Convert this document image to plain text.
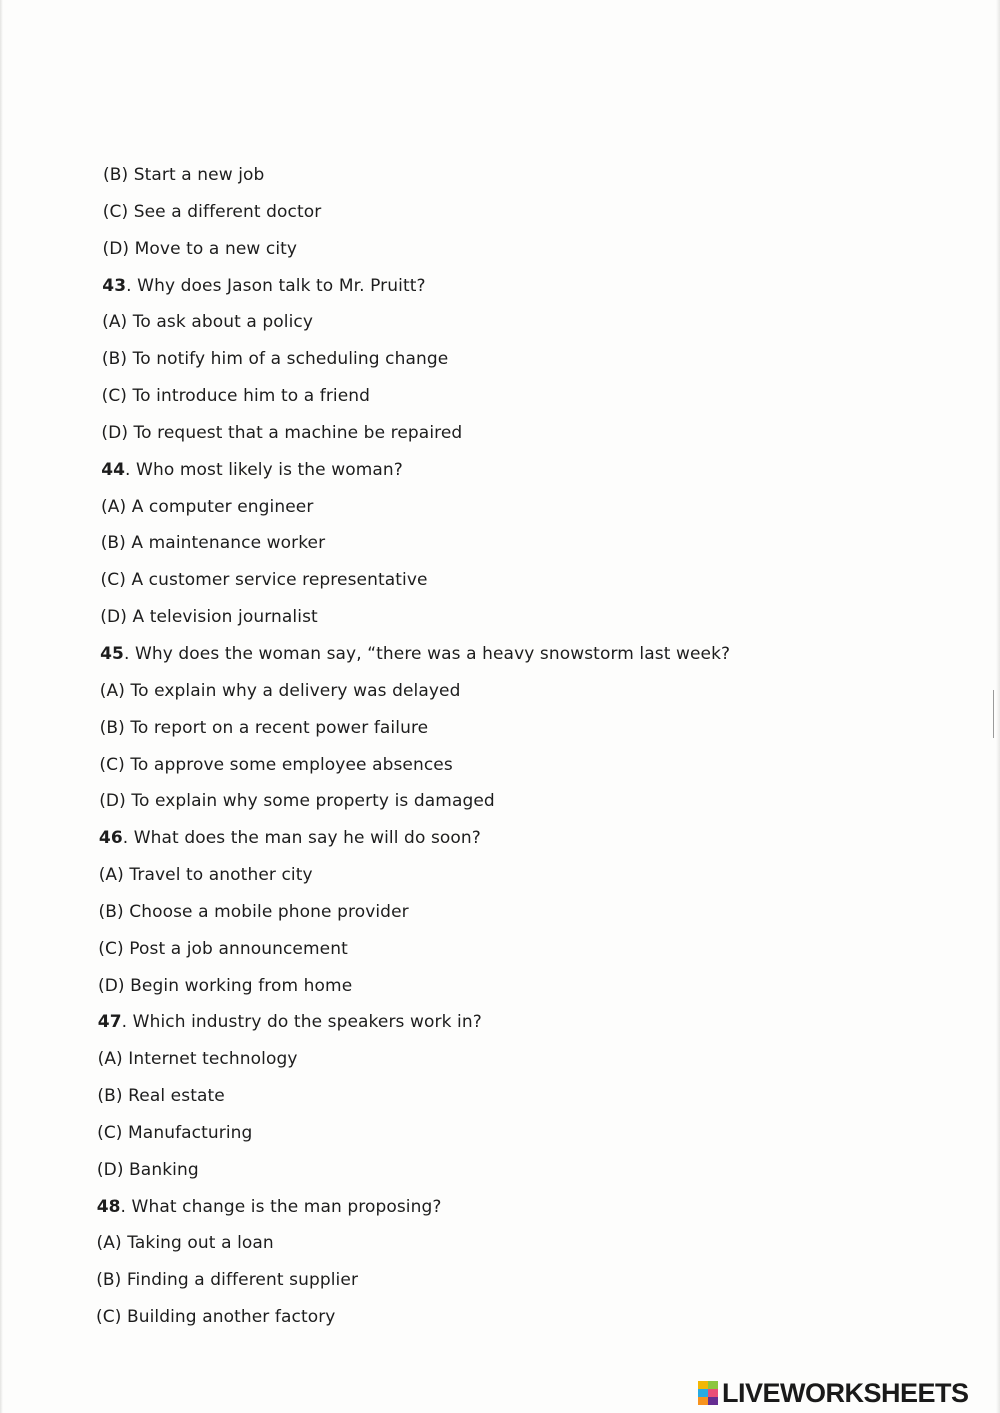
(B) Start a new job
(C) See a different doctor
(D) Move to a new city
43. Why does Jason talk to Mr. Pruitt?
(A) To ask about a policy
(B) To notify him of a scheduling change
(C) To introduce him to a friend
(D) To request that a machine be repaired
44. Who most likely is the woman?
(A) A computer engineer
(B) A maintenance worker
(C) A customer service representative
(D) A television journalist
45. Why does the woman say, “there was a heavy snowstorm last week?
(A) To explain why a delivery was delayed
(B) To report on a recent power failure
(C) To approve some employee absences
(D) To explain why some property is damaged
46. What does the man say he will do soon?
(A) Travel to another city
(B) Choose a mobile phone provider
(C) Post a job announcement
(D) Begin working from home
47. Which industry do the speakers work in?
(A) Internet technology
(B) Real estate
(C) Manufacturing
(D) Banking
48. What change is the man proposing?
(A) Taking out a loan
(B) Finding a different supplier
(C) Building another factory
LIVEWORKSHEETS
